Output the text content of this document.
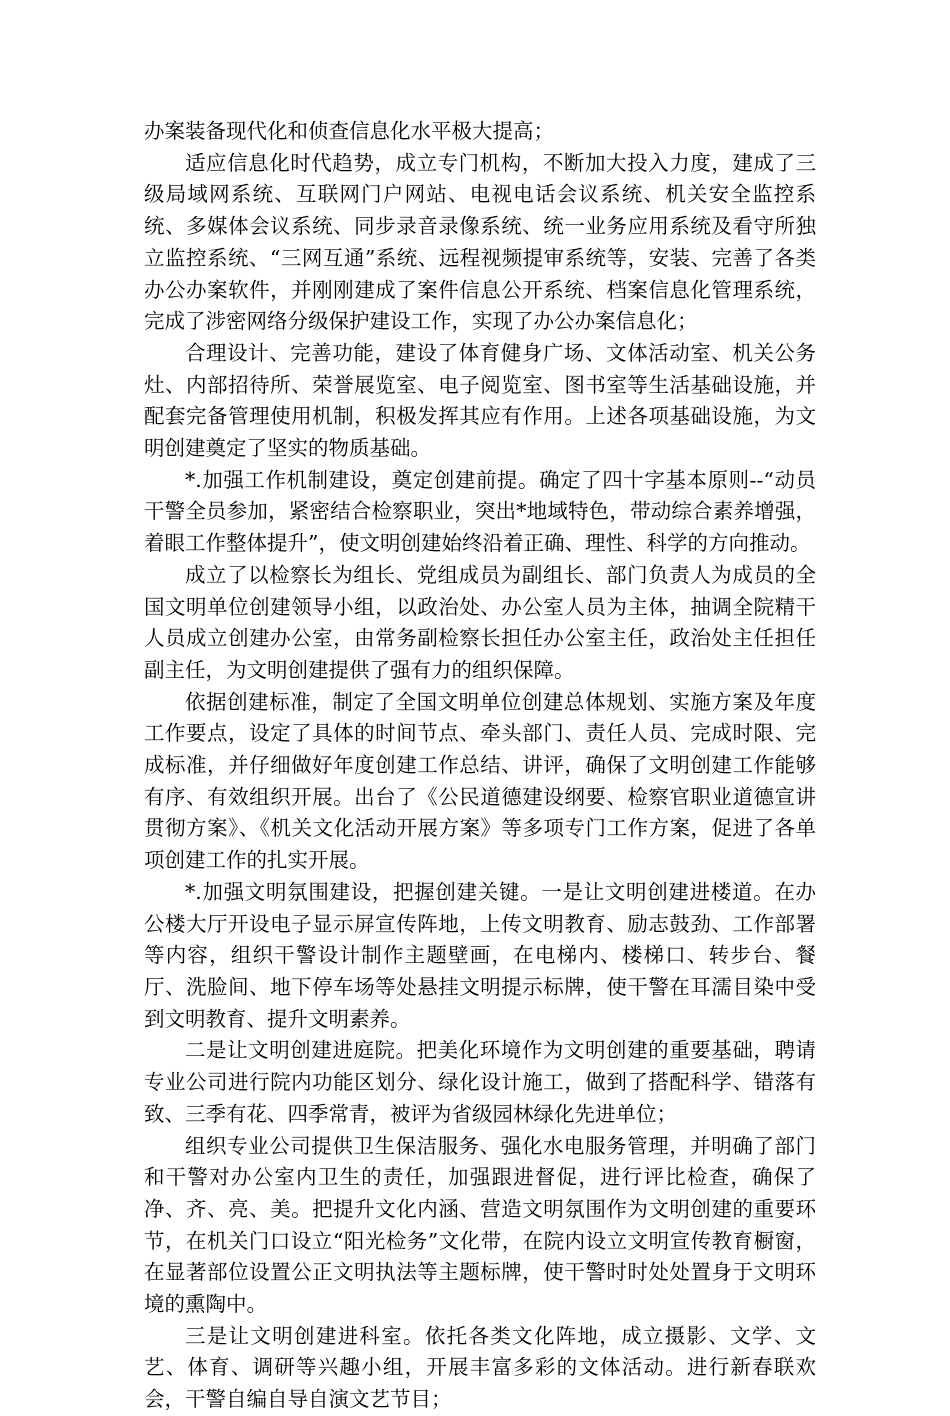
办案装备现代化和侦查信息化水平极大提高；

适应信息化时代趋势，成立专门机构，不断加大投入力度，建成了三级局域网系统、互联网门户网站、电视电话会议系统、机关安全监控系统、多媒体会议系统、同步录音录像系统、统一业务应用系统及看守所独立监控系统、“三网互通”系统、远程视频提审系统等，安装、完善了各类办公办案软件，并刚刚建成了案件信息公开系统、档案信息化管理系统，完成了涉密网络分级保护建设工作，实现了办公办案信息化；

合理设计、完善功能，建设了体育健身广场、文体活动室、机关公务灶、内部招待所、荣誉展览室、电子阅览室、图书室等生活基础设施，并配套完备管理使用机制，积极发挥其应有作用。上述各项基础设施，为文明创建奠定了坚实的物质基础。

*.加强工作机制建设，奠定创建前提。确定了四十字基本原则--“动员干警全员参加，紧密结合检察职业，突出*地域特色，带动综合素养增强，着眼工作整体提升”，使文明创建始终沿着正确、理性、科学的方向推动。

成立了以检察长为组长、党组成员为副组长、部门负责人为成员的全国文明单位创建领导小组，以政治处、办公室人员为主体，抽调全院精干人员成立创建办公室，由常务副检察长担任办公室主任，政治处主任担任副主任，为文明创建提供了强有力的组织保障。

依据创建标准，制定了全国文明单位创建总体规划、实施方案及年度工作要点，设定了具体的时间节点、牵头部门、责任人员、完成时限、完成标准，并仔细做好年度创建工作总结、讲评，确保了文明创建工作能够有序、有效组织开展。出台了《公民道德建设纲要、检察官职业道德宣讲贯彻方案》、《机关文化活动开展方案》等多项专门工作方案，促进了各单项创建工作的扎实开展。

*.加强文明氛围建设，把握创建关键。一是让文明创建进楼道。在办公楼大厅开设电子显示屏宣传阵地，上传文明教育、励志鼓劲、工作部署等内容，组织干警设计制作主题壁画，在电梯内、楼梯口、转步台、餐厅、洗脸间、地下停车场等处悬挂文明提示标牌，使干警在耳濡目染中受到文明教育、提升文明素养。

二是让文明创建进庭院。把美化环境作为文明创建的重要基础，聘请专业公司进行院内功能区划分、绿化设计施工，做到了搭配科学、错落有致、三季有花、四季常青，被评为省级园林绿化先进单位；

组织专业公司提供卫生保洁服务、强化水电服务管理，并明确了部门和干警对办公室内卫生的责任，加强跟进督促，进行评比检查，确保了净、齐、亮、美。把提升文化内涵、营造文明氛围作为文明创建的重要环节，在机关门口设立“阳光检务”文化带，在院内设立文明宣传教育橱窗，在显著部位设置公正文明执法等主题标牌，使干警时时处处置身于文明环境的熏陶中。

三是让文明创建进科室。依托各类文化阵地，成立摄影、文学、文艺、体育、调研等兴趣小组，开展丰富多彩的文体活动。进行新春联欢会，干警自编自导自演文艺节目；
